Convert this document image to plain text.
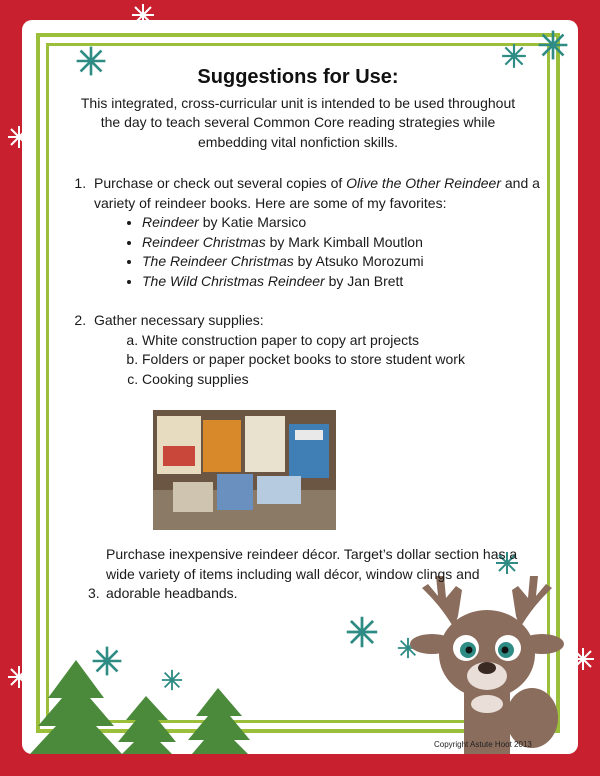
Suggestions for Use:
This integrated, cross-curricular unit is intended to be used throughout the day to teach several Common Core reading strategies while embedding vital nonfiction skills.
1. Purchase or check out several copies of Olive the Other Reindeer and a variety of reindeer books. Here are some of my favorites:
• Reindeer by Katie Marsico
• Reindeer Christmas by Mark Kimball Moutlon
• The Reindeer Christmas by Atsuko Morozumi
• The Wild Christmas Reindeer by Jan Brett
2. Gather necessary supplies:
a. White construction paper to copy art projects
b. Folders or paper pocket books to store student work
c. Cooking supplies
3.
Purchase inexpensive reindeer décor. Target’s dollar section has a wide variety of items including wall décor, window clings and adorable headbands.
Copyright Astute Hoot 2013
